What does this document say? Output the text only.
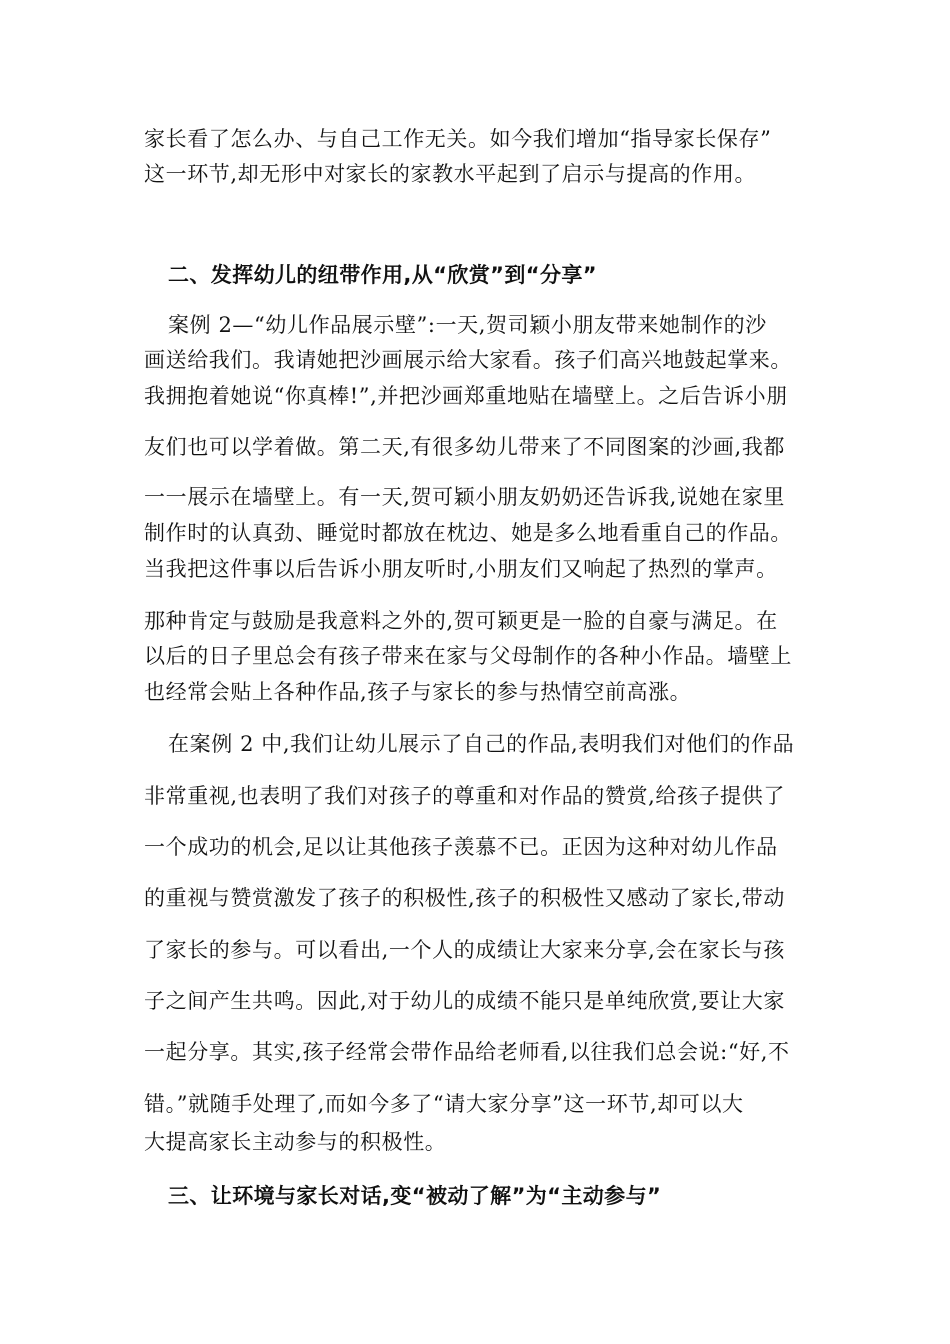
家长看了怎么办、与自己工作无关。如今我们增加“指导家长保存”
这一环节,却无形中对家长的家教水平起到了启示与提高的作用。
二、发挥幼儿的纽带作用,从“欣赏”到“分享”
案例 2—“幼儿作品展示壁”:一天,贺司颖小朋友带来她制作的沙
画送给我们。我请她把沙画展示给大家看。孩子们高兴地鼓起掌来。
我拥抱着她说“你真棒!”,并把沙画郑重地贴在墙壁上。之后告诉小朋
友们也可以学着做。第二天,有很多幼儿带来了不同图案的沙画,我都
一一展示在墙壁上。有一天,贺可颖小朋友奶奶还告诉我,说她在家里
制作时的认真劲、睡觉时都放在枕边、她是多么地看重自己的作品。
当我把这件事以后告诉小朋友听时,小朋友们又响起了热烈的掌声。
那种肯定与鼓励是我意料之外的,贺可颖更是一脸的自豪与满足。在
以后的日子里总会有孩子带来在家与父母制作的各种小作品。墙壁上
也经常会贴上各种作品,孩子与家长的参与热情空前高涨。
在案例 2 中,我们让幼儿展示了自己的作品,表明我们对他们的作品
非常重视,也表明了我们对孩子的尊重和对作品的赞赏,给孩子提供了
一个成功的机会,足以让其他孩子羡慕不已。正因为这种对幼儿作品
的重视与赞赏激发了孩子的积极性,孩子的积极性又感动了家长,带动
了家长的参与。可以看出,一个人的成绩让大家来分享,会在家长与孩
子之间产生共鸣。因此,对于幼儿的成绩不能只是单纯欣赏,要让大家
一起分享。其实,孩子经常会带作品给老师看,以往我们总会说:“好,不
错。”就随手处理了,而如今多了“请大家分享”这一环节,却可以大
大提高家长主动参与的积极性。
三、让环境与家长对话,变“被动了解”为“主动参与”
